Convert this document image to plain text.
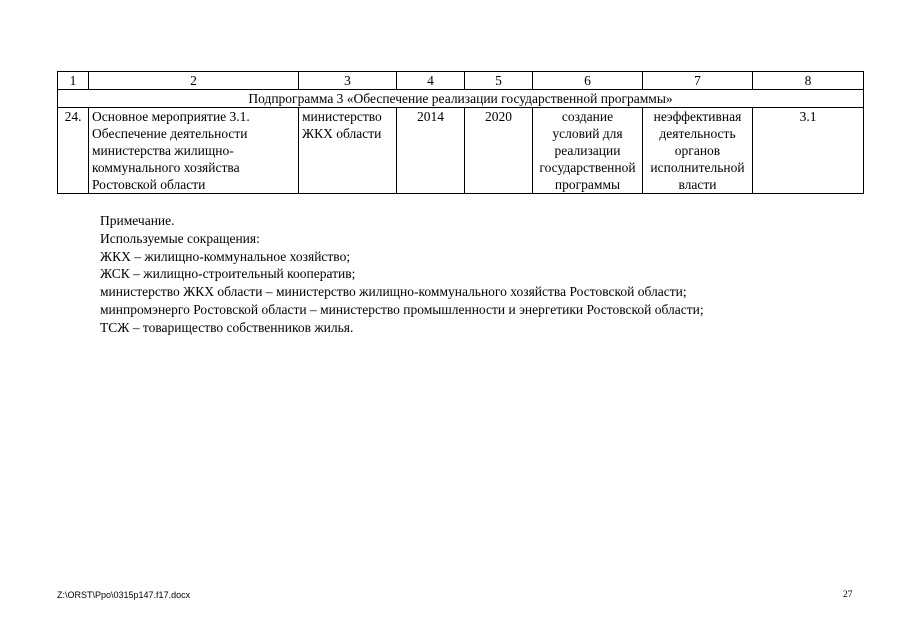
1	2	3	4	5	6	7	8
Подпрограмма 3 «Обеспечение реализации государственной программы»							
24.	Основное мероприятие 3.1.
Обеспечение деятельности
министерства жилищно-
коммунального хозяйства
Ростовской области	министерство
ЖКХ области	2014	2020	создание
условий для
реализации
государственной
программы	неэффективная
деятельность
органов
исполнительной
власти	3.1
Примечание.
Используемые сокращения:
ЖКХ – жилищно-коммунальное хозяйство;
ЖСК – жилищно-строительный кооператив;
министерство ЖКХ области – министерство жилищно-коммунального хозяйства Ростовской области;
минпромэнерго Ростовской области – министерство промышленности и энергетики Ростовской области;
ТСЖ – товарищество собственников жилья.
Z:\ORST\Ppo\0315p147.f17.docx	27
